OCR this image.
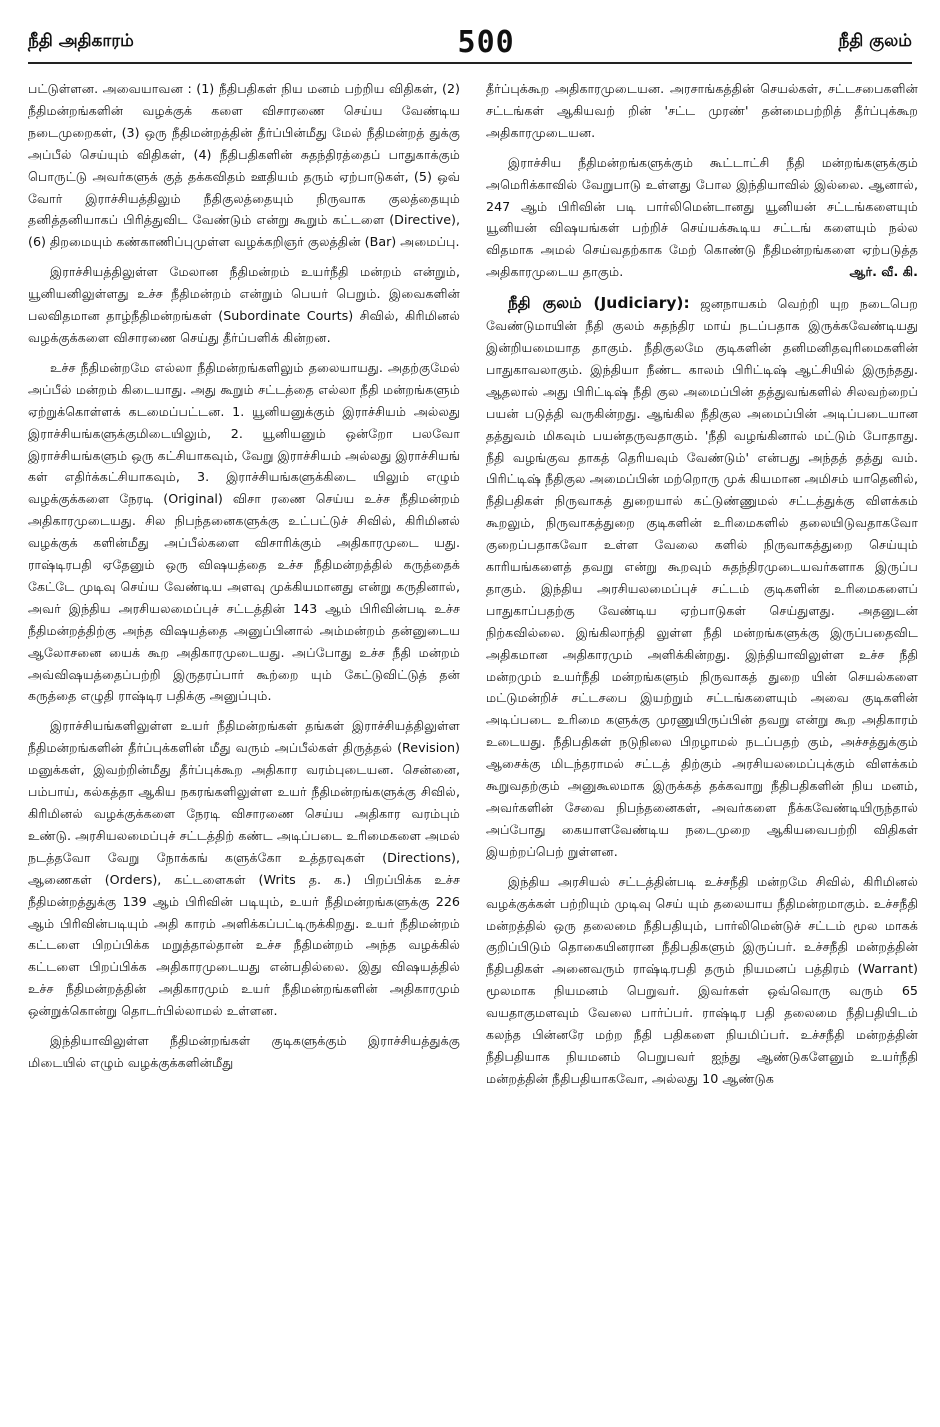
நீதி அதிகாரம்	500	நீதி குலம்

பட்டுள்ளன. அவையாவன : (1) நீதிபதிகள் நிய மனம் பற்றிய விதிகள், (2) நீதிமன்றங்களின் வழக்குக் களை விசாரணை செய்ய வேண்டிய நடைமுறைகள், (3) ஒரு நீதிமன்றத்தின் தீர்ப்பின்மீது மேல் நீதிமன்றத் துக்கு அப்பீல் செய்யும் விதிகள், (4) நீதிபதிகளின் சுதந்திரத்தைப் பாதுகாக்கும் பொருட்டு அவர்களுக் குத் தக்கவிதம் ஊதியம் தரும் ஏற்பாடுகள், (5) ஒவ் வோர் இராச்சியத்திலும் நீதிகுலத்தையும் நிருவாக குலத்தையும் தனித்தனியாகப் பிரித்துவிட வேண்டும் என்று கூறும் கட்டளை (Directive), (6) திறமையும் கண்காணிப்புமுள்ள வழக்கறிஞர் குலத்தின் (Bar) அமைப்பு.

இராச்சியத்திலுள்ள மேலான நீதிமன்றம் உயர்நீதி மன்றம் என்றும், யூனியனிலுள்ளது உச்ச நீதிமன்றம் என்றும் பெயர் பெறும். இவைகளின் பலவிதமான தாழ்நீதிமன்றங்கள் (Subordinate Courts) சிவில், கிரிமினல் வழக்குக்களை விசாரணை செய்து தீர்ப்பளிக் கின்றன.

உச்ச நீதிமன்றமே எல்லா நீதிமன்றங்களிலும் தலையாயது. அதற்குமேல் அப்பீல் மன்றம் கிடையாது. அது கூறும் சட்டத்தை எல்லா நீதி மன்றங்களும் ஏற்றுக்கொள்ளக் கடமைப்பட்டன. 1. யூனியனுக்கும் இராச்சியம் அல்லது இராச்சியங்களுக்குமிடையிலும், 2. யூனியனும் ஒன்றோ பலவோ இராச்சியங்களும் ஒரு கட்சியாகவும், வேறு இராச்சியம் அல்லது இராச்சியங் கள் எதிர்க்கட்சியாகவும், 3. இராச்சியங்களுக்கிடை யிலும் எழும் வழக்குக்களை நேரடி (Original) விசா ரணை செய்ய உச்ச நீதிமன்றம் அதிகாரமுடையது. சில நிபந்தனைகளுக்கு உட்பட்டுச் சிவில், கிரிமினல் வழக்குக் களின்மீது அப்பீல்களை விசாரிக்கும் அதிகாரமுடை யது. ராஷ்டிரபதி ஏதேனும் ஒரு விஷயத்தை உச்ச நீதிமன்றத்தில் கருத்தைக் கேட்டே முடிவு செய்ய வேண்டிய அளவு முக்கியமானது என்று கருதினால், அவர் இந்திய அரசியலமைப்புச் சட்டத்தின் 143 ஆம் பிரிவின்படி உச்ச நீதிமன்றத்திற்கு அந்த விஷயத்தை அனுப்பினால் அம்மன்றம் தன்னுடைய ஆலோசனை யைக் கூற அதிகாரமுடையது. அப்போது உச்ச நீதி மன்றம் அவ்விஷயத்தைப்பற்றி இருதரப்பார் கூற்றை யும் கேட்டுவிட்டுத் தன் கருத்தை எழுதி ராஷ்டிர பதிக்கு அனுப்பும்.

இராச்சியங்களிலுள்ள உயர் நீதிமன்றங்கள் தங்கள் இராச்சியத்திலுள்ள நீதிமன்றங்களின் தீர்ப்புக்களின் மீது வரும் அப்பீல்கள் திருத்தல் (Revision) மனுக்கள், இவற்றின்மீது தீர்ப்புக்கூற அதிகார வரம்புடையன. சென்னை, பம்பாய், கல்கத்தா ஆகிய நகரங்களிலுள்ள உயர் நீதிமன்றங்களுக்கு சிவில், கிரிமினல் வழக்குக்களை நேரடி விசாரணை செய்ய அதிகார வரம்பும் உண்டு. அரசியலமைப்புச் சட்டத்திற் கண்ட அடிப்படை உரிமைகளை அமல் நடத்தவோ வேறு நோக்கங் களுக்கோ உத்தரவுகள் (Directions), ஆணைகள் (Orders), கட்டளைகள் (Writs த. க.) பிறப்பிக்க உச்ச நீதிமன்றத்துக்கு 139 ஆம் பிரிவின் படியும், உயர் நீதிமன்றங்களுக்கு 226 ஆம் பிரிவின்படியும் அதி காரம் அளிக்கப்பட்டிருக்கிறது. உயர் நீதிமன்றம் கட்டளை பிறப்பிக்க மறுத்தால்தான் உச்ச நீதிமன்றம் அந்த வழக்கில் கட்டளை பிறப்பிக்க அதிகாரமுடையது என்பதில்லை. இது விஷயத்தில் உச்ச நீதிமன்றத்தின் அதிகாரமும் உயர் நீதிமன்றங்களின் அதிகாரமும் ஒன்றுக்கொன்று தொடர்பில்லாமல் உள்ளன.

இந்தியாவிலுள்ள நீதிமன்றங்கள் குடிகளுக்கும் இராச்சியத்துக்கு மிடையில் எழும் வழக்குக்களின்மீது

தீர்ப்புக்கூற அதிகாரமுடையன. அரசாங்கத்தின் செயல்கள், சட்டசபைகளின் சட்டங்கள் ஆகியவற் றின் 'சட்ட முரண்' தன்மைபற்றித் தீர்ப்புக்கூற அதிகாரமுடையன.

இராச்சிய நீதிமன்றங்களுக்கும் கூட்டாட்சி நீதி மன்றங்களுக்கும் அமெரிக்காவில் வேறுபாடு உள்ளது போல இந்தியாவில் இல்லை. ஆனால், 247 ஆம் பிரிவின் படி பார்லிமென்டானது யூனியன் சட்டங்களையும் யூனியன் விஷயங்கள் பற்றிச் செய்யக்கூடிய சட்டங் களையும் நல்ல விதமாக அமல் செய்வதற்காக மேற் கொண்டு நீதிமன்றங்களை ஏற்படுத்த அதிகாரமுடைய தாகும்.	ஆர். வீ. கி.

நீதி குலம் (Judiciary): ஜனநாயகம் வெற்றி யுற நடைபெற வேண்டுமாயின் நீதி குலம் சுதந்திர மாய் நடப்பதாக இருக்கவேண்டியது இன்றியமையாத தாகும். நீதிகுலமே குடிகளின் தனிமனிதவுரிமைகளின் பாதுகாவலாகும். இந்தியா நீண்ட காலம் பிரிட்டிஷ் ஆட்சியில் இருந்தது. ஆதலால் அது பிரிட்டிஷ் நீதி குல அமைப்பின் தத்துவங்களில் சிலவற்றைப் பயன் படுத்தி வருகின்றது. ஆங்கில நீதிகுல அமைப்பின் அடிப்படையான தத்துவம் மிகவும் பயன்தருவதாகும். 'நீதி வழங்கினால் மட்டும் போதாது. நீதி வழங்குவ தாகத் தெரியவும் வேண்டும்' என்பது அந்தத் தத்து வம். பிரிட்டிஷ் நீதிகுல அமைப்பின் மற்றொரு முக் கியமான அமிசம் யாதெனில், நீதிபதிகள் நிருவாகத் துறையால் கட்டுண்ணுமல் சட்டத்துக்கு விளக்கம் கூறலும், நிருவாகத்துறை குடிகளின் உரிமைகளில் தலையிடுவதாகவோ குறைப்பதாகவோ உள்ள வேலை களில் நிருவாகத்துறை செய்யும் காரியங்களைத் தவறு என்று கூறவும் சுதந்திரமுடையவர்களாக இருப்ப தாகும். இந்திய அரசியலமைப்புச் சட்டம் குடிகளின் உரிமைகளைப் பாதுகாப்பதற்கு வேண்டிய ஏற்பாடுகள் செய்துளது. அதனுடன் நிற்கவில்லை. இங்கிலாந்தி லுள்ள நீதி மன்றங்களுக்கு இருப்பதைவிட அதிகமான அதிகாரமும் அளிக்கின்றது. இந்தியாவிலுள்ள உச்ச நீதி மன்றமும் உயர்நீதி மன்றங்களும் நிருவாகத் துறை யின் செயல்களை மட்டுமன்றிச் சட்டசபை இயற்றும் சட்டங்களையும் அவை குடிகளின் அடிப்படை உரிமை களுக்கு முரணுயிருப்பின் தவறு என்று கூற அதிகாரம் உடையது. நீதிபதிகள் நடுநிலை பிறழாமல் நடப்பதற் கும், அச்சத்துக்கும் ஆசைக்கு மிடந்தராமல் சட்டத் திற்கும் அரசியலமைப்புக்கும் விளக்கம் கூறுவதற்கும் அனுகூலமாக இருக்கத் தக்கவாறு நீதிபதிகளின் நிய மனம், அவர்களின் சேவை நிபந்தனைகள், அவர்களை நீக்கவேண்டியிருந்தால் அப்போது கையாளவேண்டிய நடைமுறை ஆகியவைபற்றி விதிகள் இயற்றப்பெற் றுள்ளன.

இந்திய அரசியல் சட்டத்தின்படி உச்சநீதி மன்றமே சிவில், கிரிமினல் வழக்குக்கள் பற்றியும் முடிவு செய் யும் தலையாய நீதிமன்றமாகும். உச்சநீதி மன்றத்தில் ஒரு தலைமை நீதிபதியும், பார்லிமென்டுச் சட்டம் மூல மாகக் குறிப்பிடும் தொகையினரான நீதிபதிகளும் இருப்பர். உச்சநீதி மன்றத்தின் நீதிபதிகள் அனைவரும் ராஷ்டிரபதி தரும் நியமனப் பத்திரம் (Warrant) மூலமாக நியமனம் பெறுவர். இவர்கள் ஒவ்வொரு வரும் 65 வயதாகுமளவும் வேலை பார்ப்பர். ராஷ்டிர பதி தலைமை நீதிபதியிடம் கலந்த பின்னரே மற்ற நீதி பதிகளை நியமிப்பர். உச்சநீதி மன்றத்தின் நீதிபதியாக நியமனம் பெறுபவர் ஐந்து ஆண்டுகளேனும் உயர்நீதி மன்றத்தின் நீதிபதியாகவோ, அல்லது 10 ஆண்டுக
